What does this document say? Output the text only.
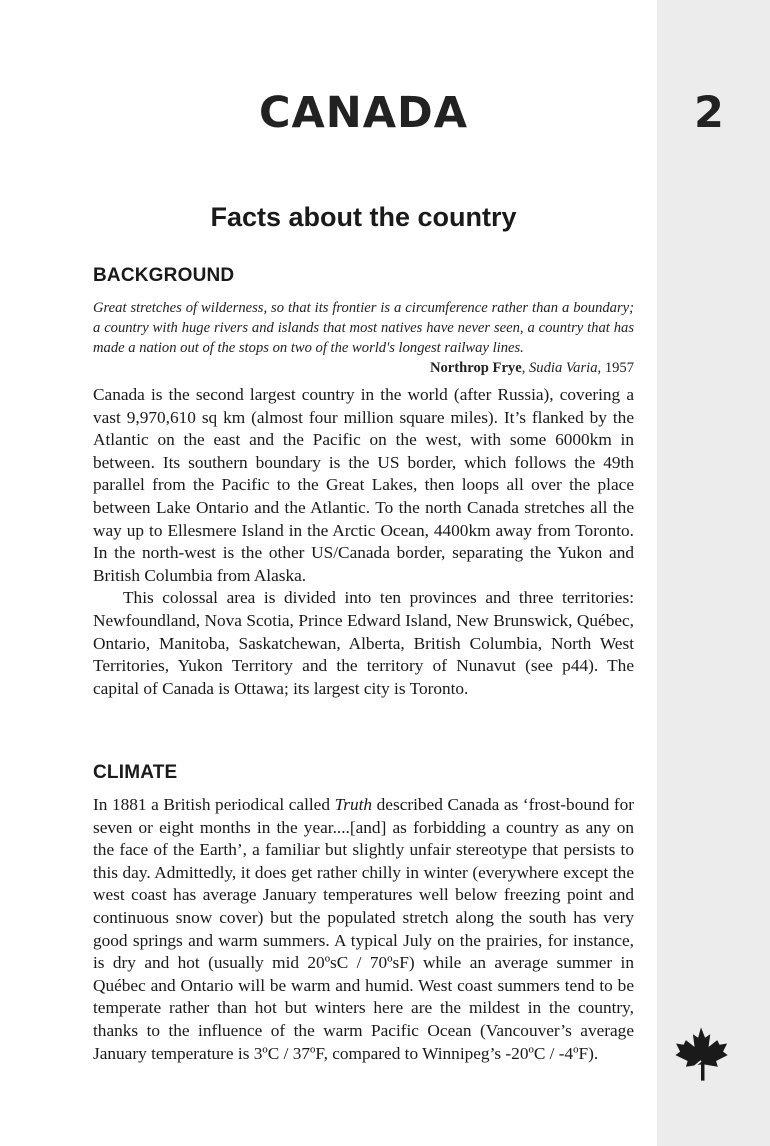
CANADA	2
Facts about the country
BACKGROUND
Great stretches of wilderness, so that its frontier is a circumference rather than a boundary; a country with huge rivers and islands that most natives have never seen, a country that has made a nation out of the stops on two of the world's longest railway lines.
Northrop Frye, Sudia Varia, 1957

Canada is the second largest country in the world (after Russia), covering a vast 9,970,610 sq km (almost four million square miles). It’s flanked by the Atlantic on the east and the Pacific on the west, with some 6000km in between. Its southern boundary is the US border, which follows the 49th parallel from the Pacific to the Great Lakes, then loops all over the place between Lake Ontario and the Atlantic. To the north Canada stretches all the way up to Ellesmere Island in the Arctic Ocean, 4400km away from Toronto. In the north-west is the other US/Canada border, separating the Yukon and British Columbia from Alaska.

This colossal area is divided into ten provinces and three territories: Newfoundland, Nova Scotia, Prince Edward Island, New Brunswick, Québec, Ontario, Manitoba, Saskatchewan, Alberta, British Columbia, North West Territories, Yukon Territory and the territory of Nunavut (see p44). The capital of Canada is Ottawa; its largest city is Toronto.

CLIMATE

In 1881 a British periodical called Truth described Canada as ‘frost-bound for seven or eight months in the year....[and] as forbidding a country as any on the face of the Earth’, a familiar but slightly unfair stereotype that persists to this day. Admittedly, it does get rather chilly in winter (everywhere except the west coast has average January temperatures well below freezing point and continuous snow cover) but the populated stretch along the south has very good springs and warm summers. A typical July on the prairies, for instance, is dry and hot (usually mid 20ºsC / 70ºsF) while an average summer in Québec and Ontario will be warm and humid. West coast summers tend to be temperate rather than hot but winters here are the mildest in the country, thanks to the influence of the warm Pacific Ocean (Vancouver’s average January temperature is 3ºC / 37ºF, compared to Winnipeg’s -20ºC / -4ºF).
